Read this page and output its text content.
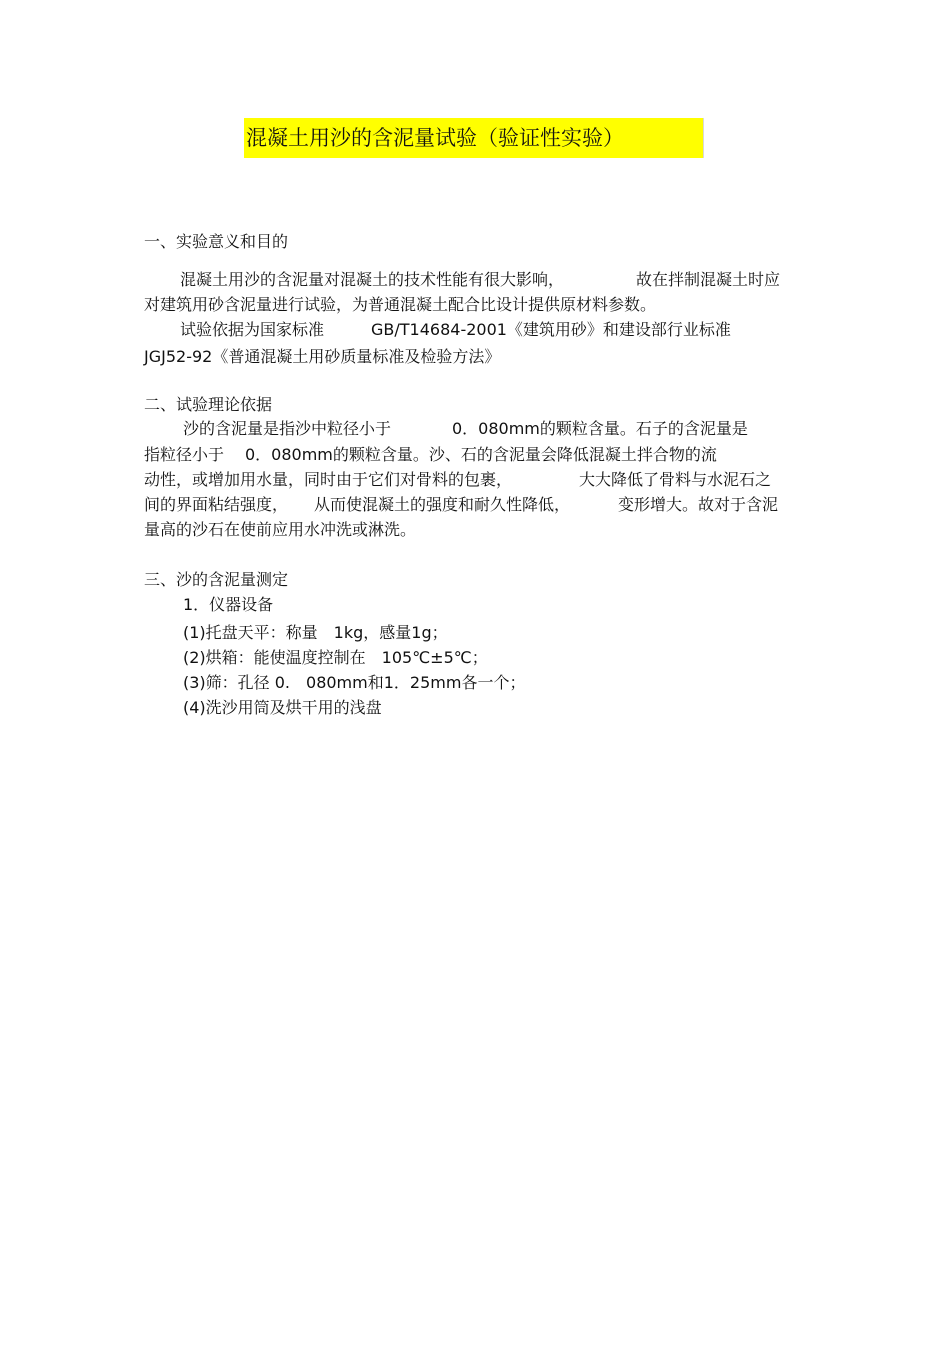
混凝土用沙的含泥量试验（验证性实验）
一、实验意义和目的
混凝土用沙的含泥量对混凝土的技术性能有很大影响，	故在拌制混凝土时应
对建筑用砂含泥量进行试验，为普通混凝土配合比设计提供原材料参数。
试验依据为国家标准	GB/T14684-2001《建筑用砂》和建设部行业标准
JGJ52-92《普通混凝土用砂质量标准及检验方法》
二、试验理论依据
沙的含泥量是指沙中粒径小于	0．080mm的颗粒含量。石子的含泥量是
指粒径小于 0．080mm的颗粒含量。沙、石的含泥量会降低混凝土拌合物的流
动性，或增加用水量，同时由于它们对骨料的包裹，	大大降低了骨料与水泥石之
间的界面粘结强度， 从而使混凝土的强度和耐久性降低，	变形增大。故对于含泥
量高的沙石在使前应用水冲洗或淋洗。
三、沙的含泥量测定
1．仪器设备
(1)托盘天平：称量　1kg，感量1g；
(2)烘箱：能使温度控制在　105℃±5℃；
(3)筛：孔径 0.　080mm和1．25mm各一个；
(4)洗沙用筒及烘干用的浅盘
